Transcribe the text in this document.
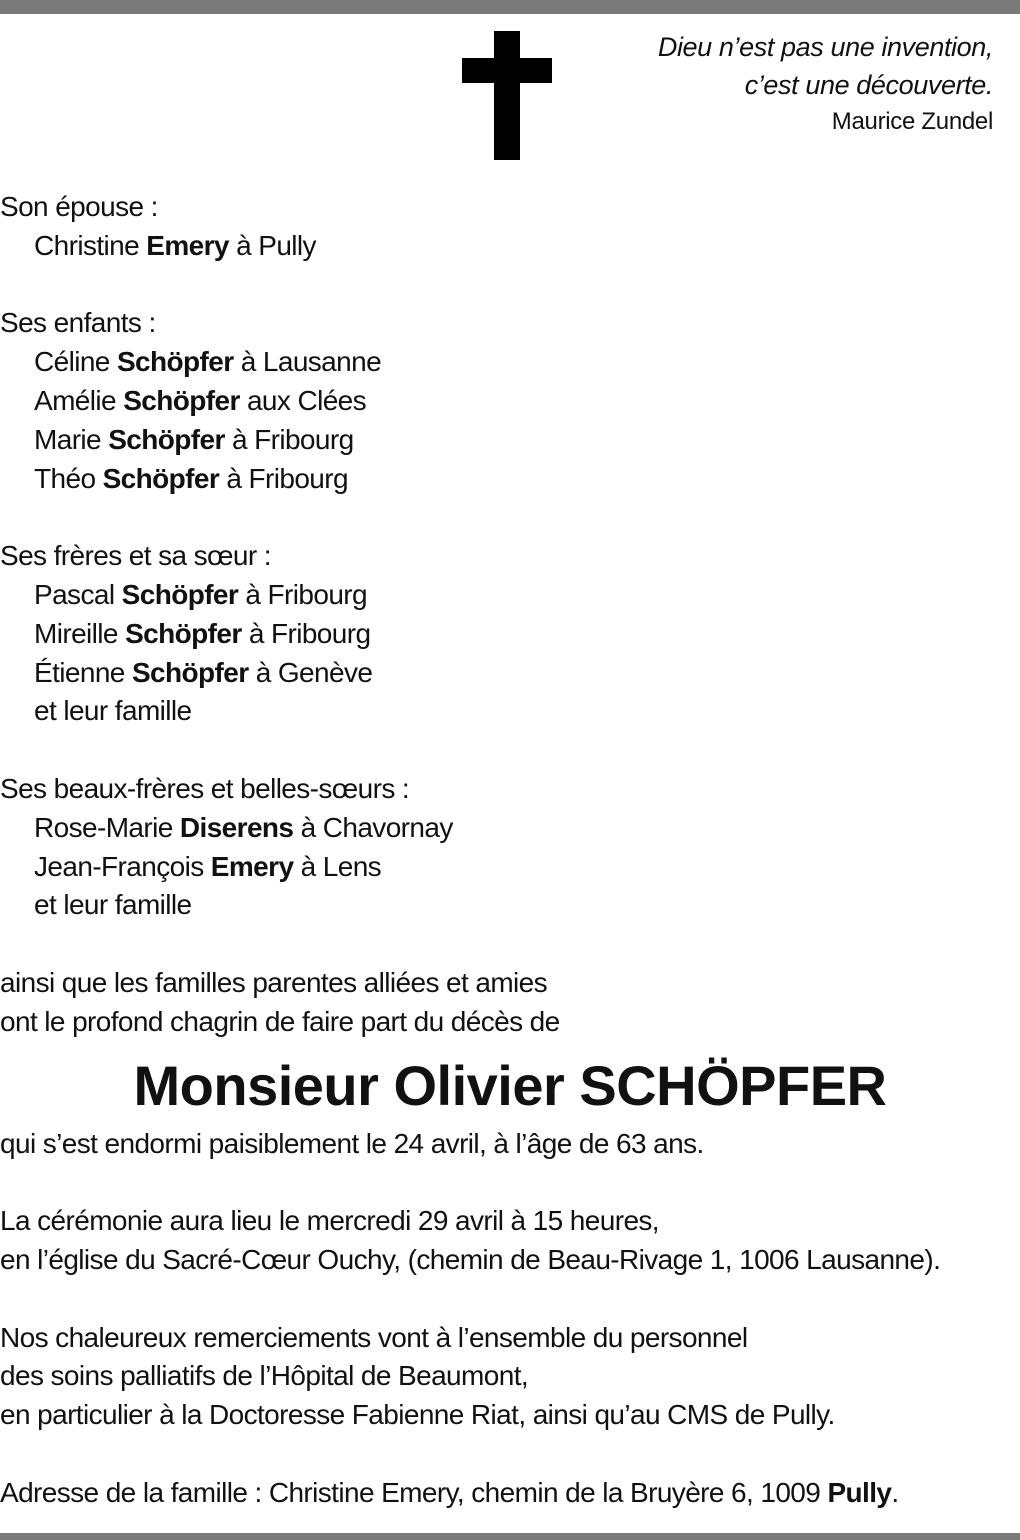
Dieu n’est pas une invention,
c’est une découverte.
Maurice Zundel
Son épouse :
Christine Emery à Pully
Ses enfants :
Céline Schöpfer à Lausanne
Amélie Schöpfer aux Clées
Marie Schöpfer à Fribourg
Théo Schöpfer à Fribourg
Ses frères et sa sœur :
Pascal Schöpfer à Fribourg
Mireille Schöpfer à Fribourg
Étienne Schöpfer à Genève
et leur famille
Ses beaux-frères et belles-sœurs :
Rose-Marie Diserens à Chavornay
Jean-François Emery à Lens
et leur famille
ainsi que les familles parentes alliées et amies
ont le profond chagrin de faire part du décès de
Monsieur Olivier SCHÖPFER
qui s’est endormi paisiblement le 24 avril, à l’âge de 63 ans.
La cérémonie aura lieu le mercredi 29 avril à 15 heures,
en l’église du Sacré-Cœur Ouchy, (chemin de Beau-Rivage 1, 1006 Lausanne).
Nos chaleureux remerciements vont à l’ensemble du personnel
des soins palliatifs de l’Hôpital de Beaumont,
en particulier à la Doctoresse Fabienne Riat, ainsi qu’au CMS de Pully.
Adresse de la famille : Christine Emery, chemin de la Bruyère 6, 1009 Pully.
